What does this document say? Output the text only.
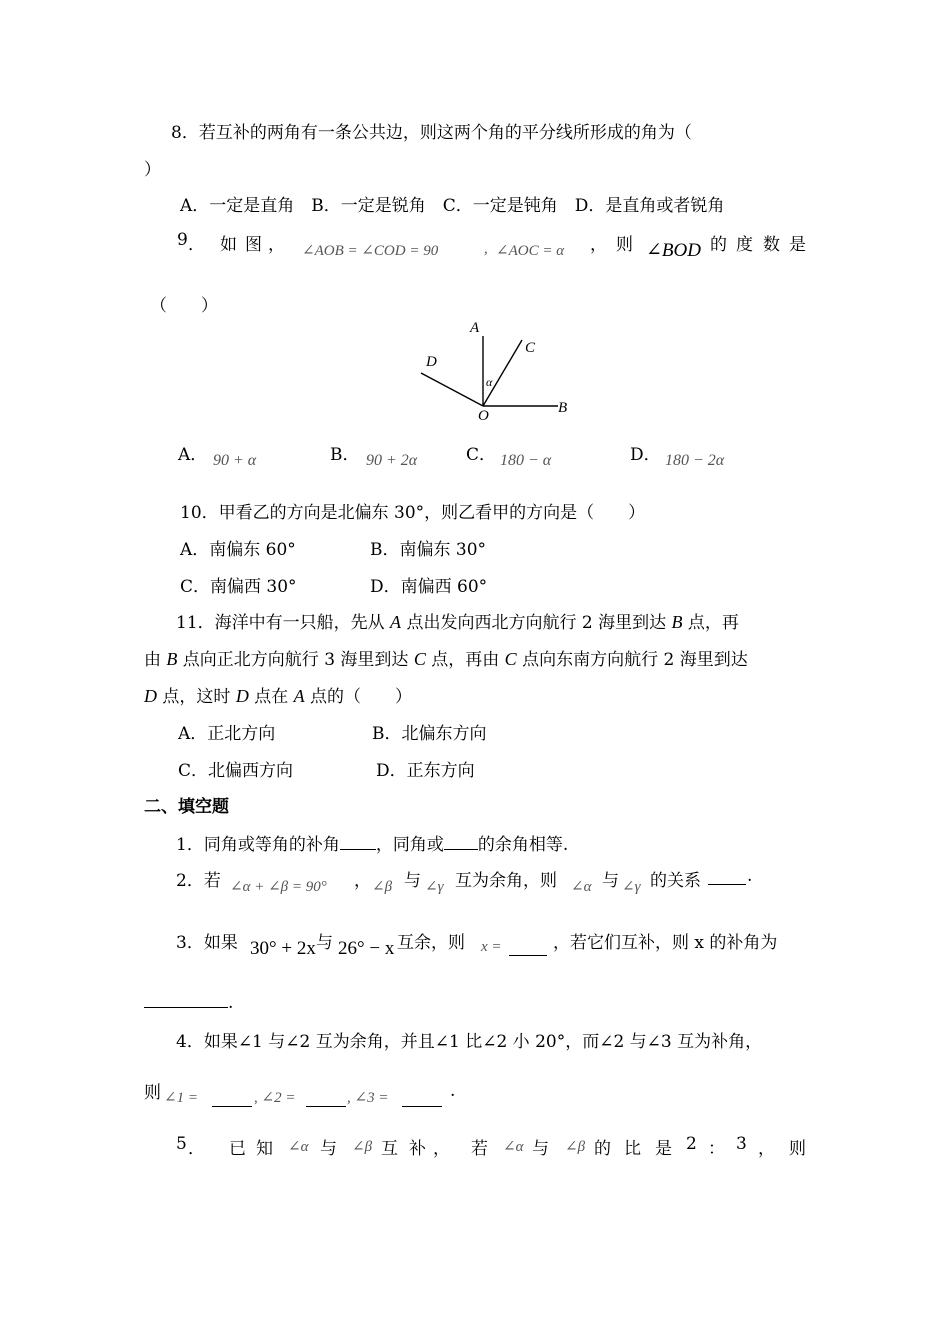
8．若互补的两角有一条公共边，则这两个角的平分线所形成的角为（
）
A．一定是直角　B．一定是锐角　C．一定是钝角　D．是直角或者锐角
9 ． 如 图 ， ∠AOB = ∠COD = 90	, ∠AOC = α ， 则 ∠BOD 的 度 数 是
（　　）
A
C
D
O	B
α
A． 90 + α	B． 90 + 2α	C． 180 − α	D． 180 − 2α
10．甲看乙的方向是北偏东 30°，则乙看甲的方向是（　　）
A．南偏东 60°	B．南偏东 30°
C．南偏西 30°	D．南偏西 60°
11．海洋中有一只船，先从 A 点出发向西北方向航行 2 海里到达 B 点，再
由 B 点向正北方向航行 3 海里到达 C 点，再由 C 点向东南方向航行 2 海里到达
D 点，这时 D 点在 A 点的（　　）
A．正北方向	B．北偏东方向
C．北偏西方向	D．正东方向
二、填空题
1．同角或等角的补角 ，同角或 的余角相等.
2．若 ∠α + ∠β = 90° ， ∠β 与 ∠γ 互为余角，则 ∠α 与 ∠γ 的关系	.
3．如果 30° + 2x 与 26° − x 互余，则 x =	，若它们互补，则 x 的补角为
.
4．如果∠1 与∠2 互为余角，并且∠1 比∠2 小 20°，而∠2 与∠3 互为补角，
则 ∠1 =	, ∠2 =	, ∠3 =	.
5 ． 已 知 ∠α 与 ∠β 互 补 ， 若 ∠α 与 ∠β 的 比 是 2 ： 3 ， 则
